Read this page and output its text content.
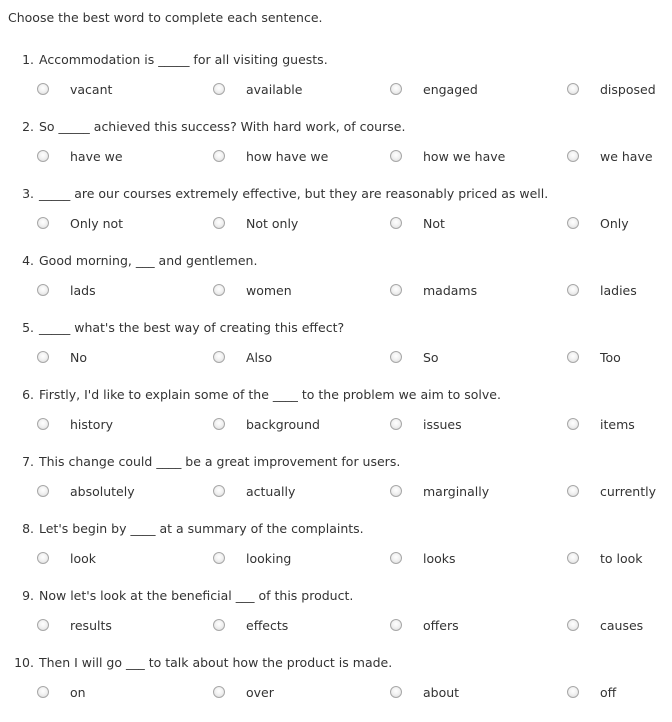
Choose the best word to complete each sentence.
1. Accommodation is _____ for all visiting guests.
vacant	available	engaged	disposed
2. So _____ achieved this success? With hard work, of course.
have we	how have we	how we have	we have
3. _____ are our courses extremely effective, but they are reasonably priced as well.
Only not	Not only	Not	Only
4. Good morning, ___ and gentlemen.
lads	women	madams	ladies
5. _____ what's the best way of creating this effect?
No	Also	So	Too
6. Firstly, I'd like to explain some of the ____ to the problem we aim to solve.
history	background	issues	items
7. This change could ____ be a great improvement for users.
absolutely	actually	marginally	currently
8. Let's begin by ____ at a summary of the complaints.
look	looking	looks	to look
9. Now let's look at the beneficial ___ of this product.
results	effects	offers	causes
10. Then I will go ___ to talk about how the product is made.
on	over	about	off
